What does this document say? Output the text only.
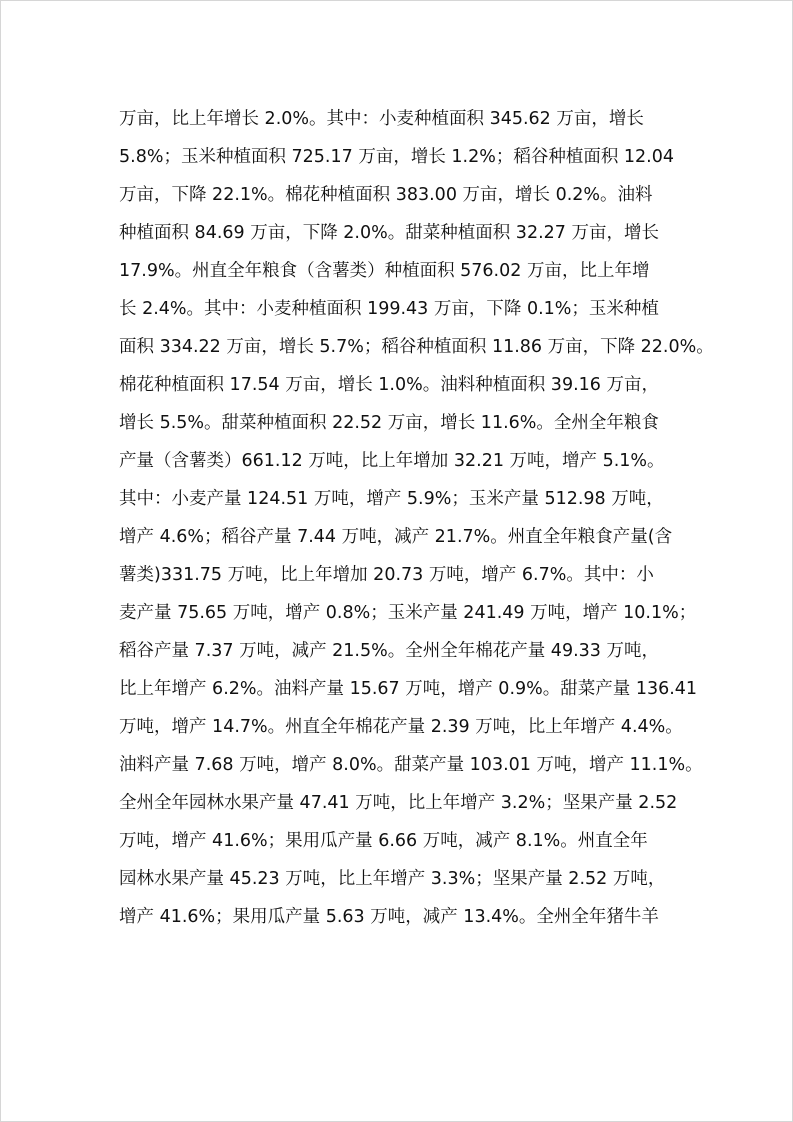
万亩，比上年增长 2.0%。其中：小麦种植面积 345.62 万亩，增长
5.8%；玉米种植面积 725.17 万亩，增长 1.2%；稻谷种植面积 12.04
万亩，下降 22.1%。棉花种植面积 383.00 万亩，增长 0.2%。油料
种植面积 84.69 万亩，下降 2.0%。甜菜种植面积 32.27 万亩，增长
17.9%。州直全年粮食（含薯类）种植面积 576.02 万亩，比上年增
长 2.4%。其中：小麦种植面积 199.43 万亩，下降 0.1%；玉米种植
面积 334.22 万亩，增长 5.7%；稻谷种植面积 11.86 万亩，下降 22.0%。
棉花种植面积 17.54 万亩，增长 1.0%。油料种植面积 39.16 万亩，
增长 5.5%。甜菜种植面积 22.52 万亩，增长 11.6%。全州全年粮食
产量（含薯类）661.12 万吨，比上年增加 32.21 万吨，增产 5.1%。
其中：小麦产量 124.51 万吨，增产 5.9%；玉米产量 512.98 万吨，
增产 4.6%；稻谷产量 7.44 万吨，减产 21.7%。州直全年粮食产量(含
薯类)331.75 万吨，比上年增加 20.73 万吨，增产 6.7%。其中：小
麦产量 75.65 万吨，增产 0.8%；玉米产量 241.49 万吨，增产 10.1%；
稻谷产量 7.37 万吨，减产 21.5%。全州全年棉花产量 49.33 万吨，
比上年增产 6.2%。油料产量 15.67 万吨，增产 0.9%。甜菜产量 136.41
万吨，增产 14.7%。州直全年棉花产量 2.39 万吨，比上年增产 4.4%。
油料产量 7.68 万吨，增产 8.0%。甜菜产量 103.01 万吨，增产 11.1%。
全州全年园林水果产量 47.41 万吨，比上年增产 3.2%；坚果产量 2.52
万吨，增产 41.6%；果用瓜产量 6.66 万吨，减产 8.1%。州直全年
园林水果产量 45.23 万吨，比上年增产 3.3%；坚果产量 2.52 万吨，
增产 41.6%；果用瓜产量 5.63 万吨，减产 13.4%。全州全年猪牛羊
